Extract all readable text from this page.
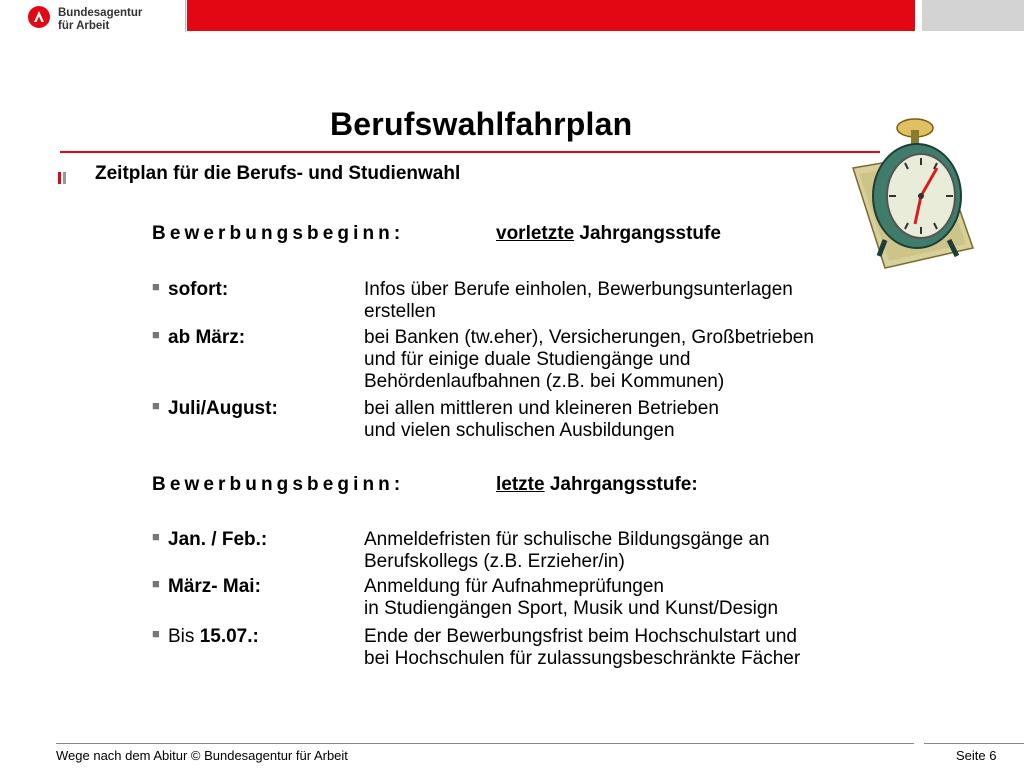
Bundesagentur
für Arbeit
Berufswahlfahrplan
Zeitplan für die Berufs- und Studienwahl
Bewerbungsbeginn:	vorletzte Jahrgangsstufe
■ sofort:	Infos über Berufe einholen, Bewerbungsunterlagen
erstellen
■ ab März:	bei Banken (tw.eher), Versicherungen, Großbetrieben
und für einige duale Studiengänge und
Behördenlaufbahnen (z.B. bei Kommunen)
■ Juli/August:	bei allen mittleren und kleineren Betrieben
und vielen schulischen Ausbildungen
Bewerbungsbeginn:	letzte Jahrgangsstufe:
■ Jan. / Feb.:	Anmeldefristen für schulische Bildungsgänge an
Berufskollegs (z.B. Erzieher/in)
■ März- Mai:	Anmeldung für Aufnahmeprüfungen
in Studiengängen Sport, Musik und Kunst/Design
■ Bis 15.07.:	Ende der Bewerbungsfrist beim Hochschulstart und
bei Hochschulen für zulassungsbeschränkte Fächer
Wege nach dem Abitur © Bundesagentur für Arbeit	Seite 6
